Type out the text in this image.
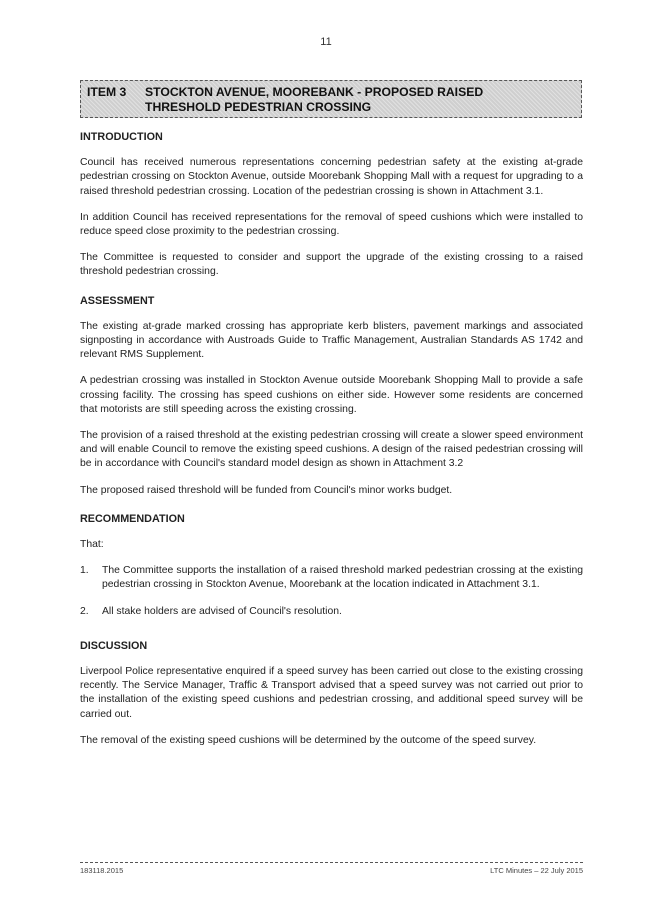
11
ITEM 3	STOCKTON AVENUE, MOOREBANK - PROPOSED RAISED
THRESHOLD PEDESTRIAN CROSSING
INTRODUCTION

Council has received numerous representations concerning pedestrian safety at the existing at-grade pedestrian crossing on Stockton Avenue, outside Moorebank Shopping Mall with a request for upgrading to a raised threshold pedestrian crossing. Location of the pedestrian crossing is shown in Attachment 3.1.

In addition Council has received representations for the removal of speed cushions which were installed to reduce speed close proximity to the pedestrian crossing.

The Committee is requested to consider and support the upgrade of the existing crossing to a raised threshold pedestrian crossing.

ASSESSMENT

The existing at-grade marked crossing has appropriate kerb blisters, pavement markings and associated signposting in accordance with Austroads Guide to Traffic Management, Australian Standards AS 1742 and relevant RMS Supplement.

A pedestrian crossing was installed in Stockton Avenue outside Moorebank Shopping Mall to provide a safe crossing facility. The crossing has speed cushions on either side. However some residents are concerned that motorists are still speeding across the existing crossing.

The provision of a raised threshold at the existing pedestrian crossing will create a slower speed environment and will enable Council to remove the existing speed cushions. A design of the raised pedestrian crossing will be in accordance with Council's standard model design as shown in Attachment 3.2

The proposed raised threshold will be funded from Council's minor works budget.

RECOMMENDATION

That:

1.	The Committee supports the installation of a raised threshold marked pedestrian crossing at the existing pedestrian crossing in Stockton Avenue, Moorebank at the location indicated in Attachment 3.1.
2.	All stake holders are advised of Council's resolution.
DISCUSSION

Liverpool Police representative enquired if a speed survey has been carried out close to the existing crossing recently. The Service Manager, Traffic & Transport advised that a speed survey was not carried out prior to the installation of the existing speed cushions and pedestrian crossing, and additional speed survey will be carried out.

The removal of the existing speed cushions will be determined by the outcome of the speed survey.

183118.2015	LTC Minutes – 22 July 2015
